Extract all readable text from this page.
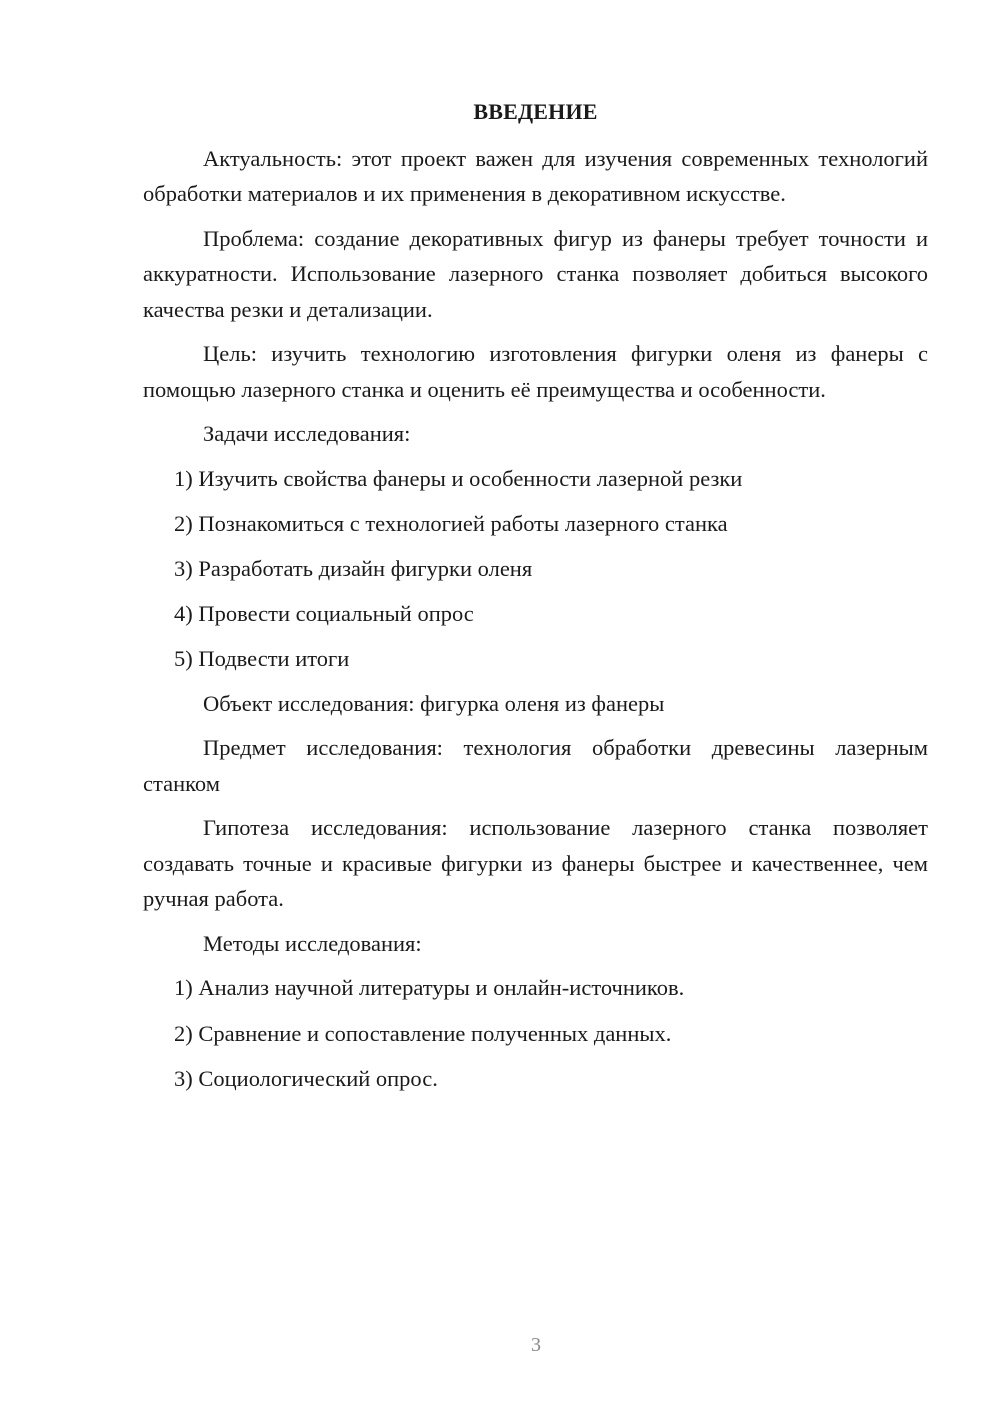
ВВЕДЕНИЕ

Актуальность: этот проект важен для изучения современных технологий обработки материалов и их применения в декоративном искусстве.

Проблема: создание декоративных фигур из фанеры требует точности и аккуратности. Использование лазерного станка позволяет добиться высокого качества резки и детализации.

Цель: изучить технологию изготовления фигурки оленя из фанеры с помощью лазерного станка и оценить её преимущества и особенности.

Задачи исследования:

1) Изучить свойства фанеры и особенности лазерной резки

2) Познакомиться с технологией работы лазерного станка

3) Разработать дизайн фигурки оленя

4) Провести социальный опрос

5) Подвести итоги

Объект исследования: фигурка оленя из фанеры

Предмет исследования: технология обработки древесины лазерным станком

Гипотеза исследования: использование лазерного станка позволяет создавать точные и красивые фигурки из фанеры быстрее и качественнее, чем ручная работа.

Методы исследования:

1) Анализ научной литературы и онлайн-источников.

2) Сравнение и сопоставление полученных данных.

3) Социологический опрос.

3
